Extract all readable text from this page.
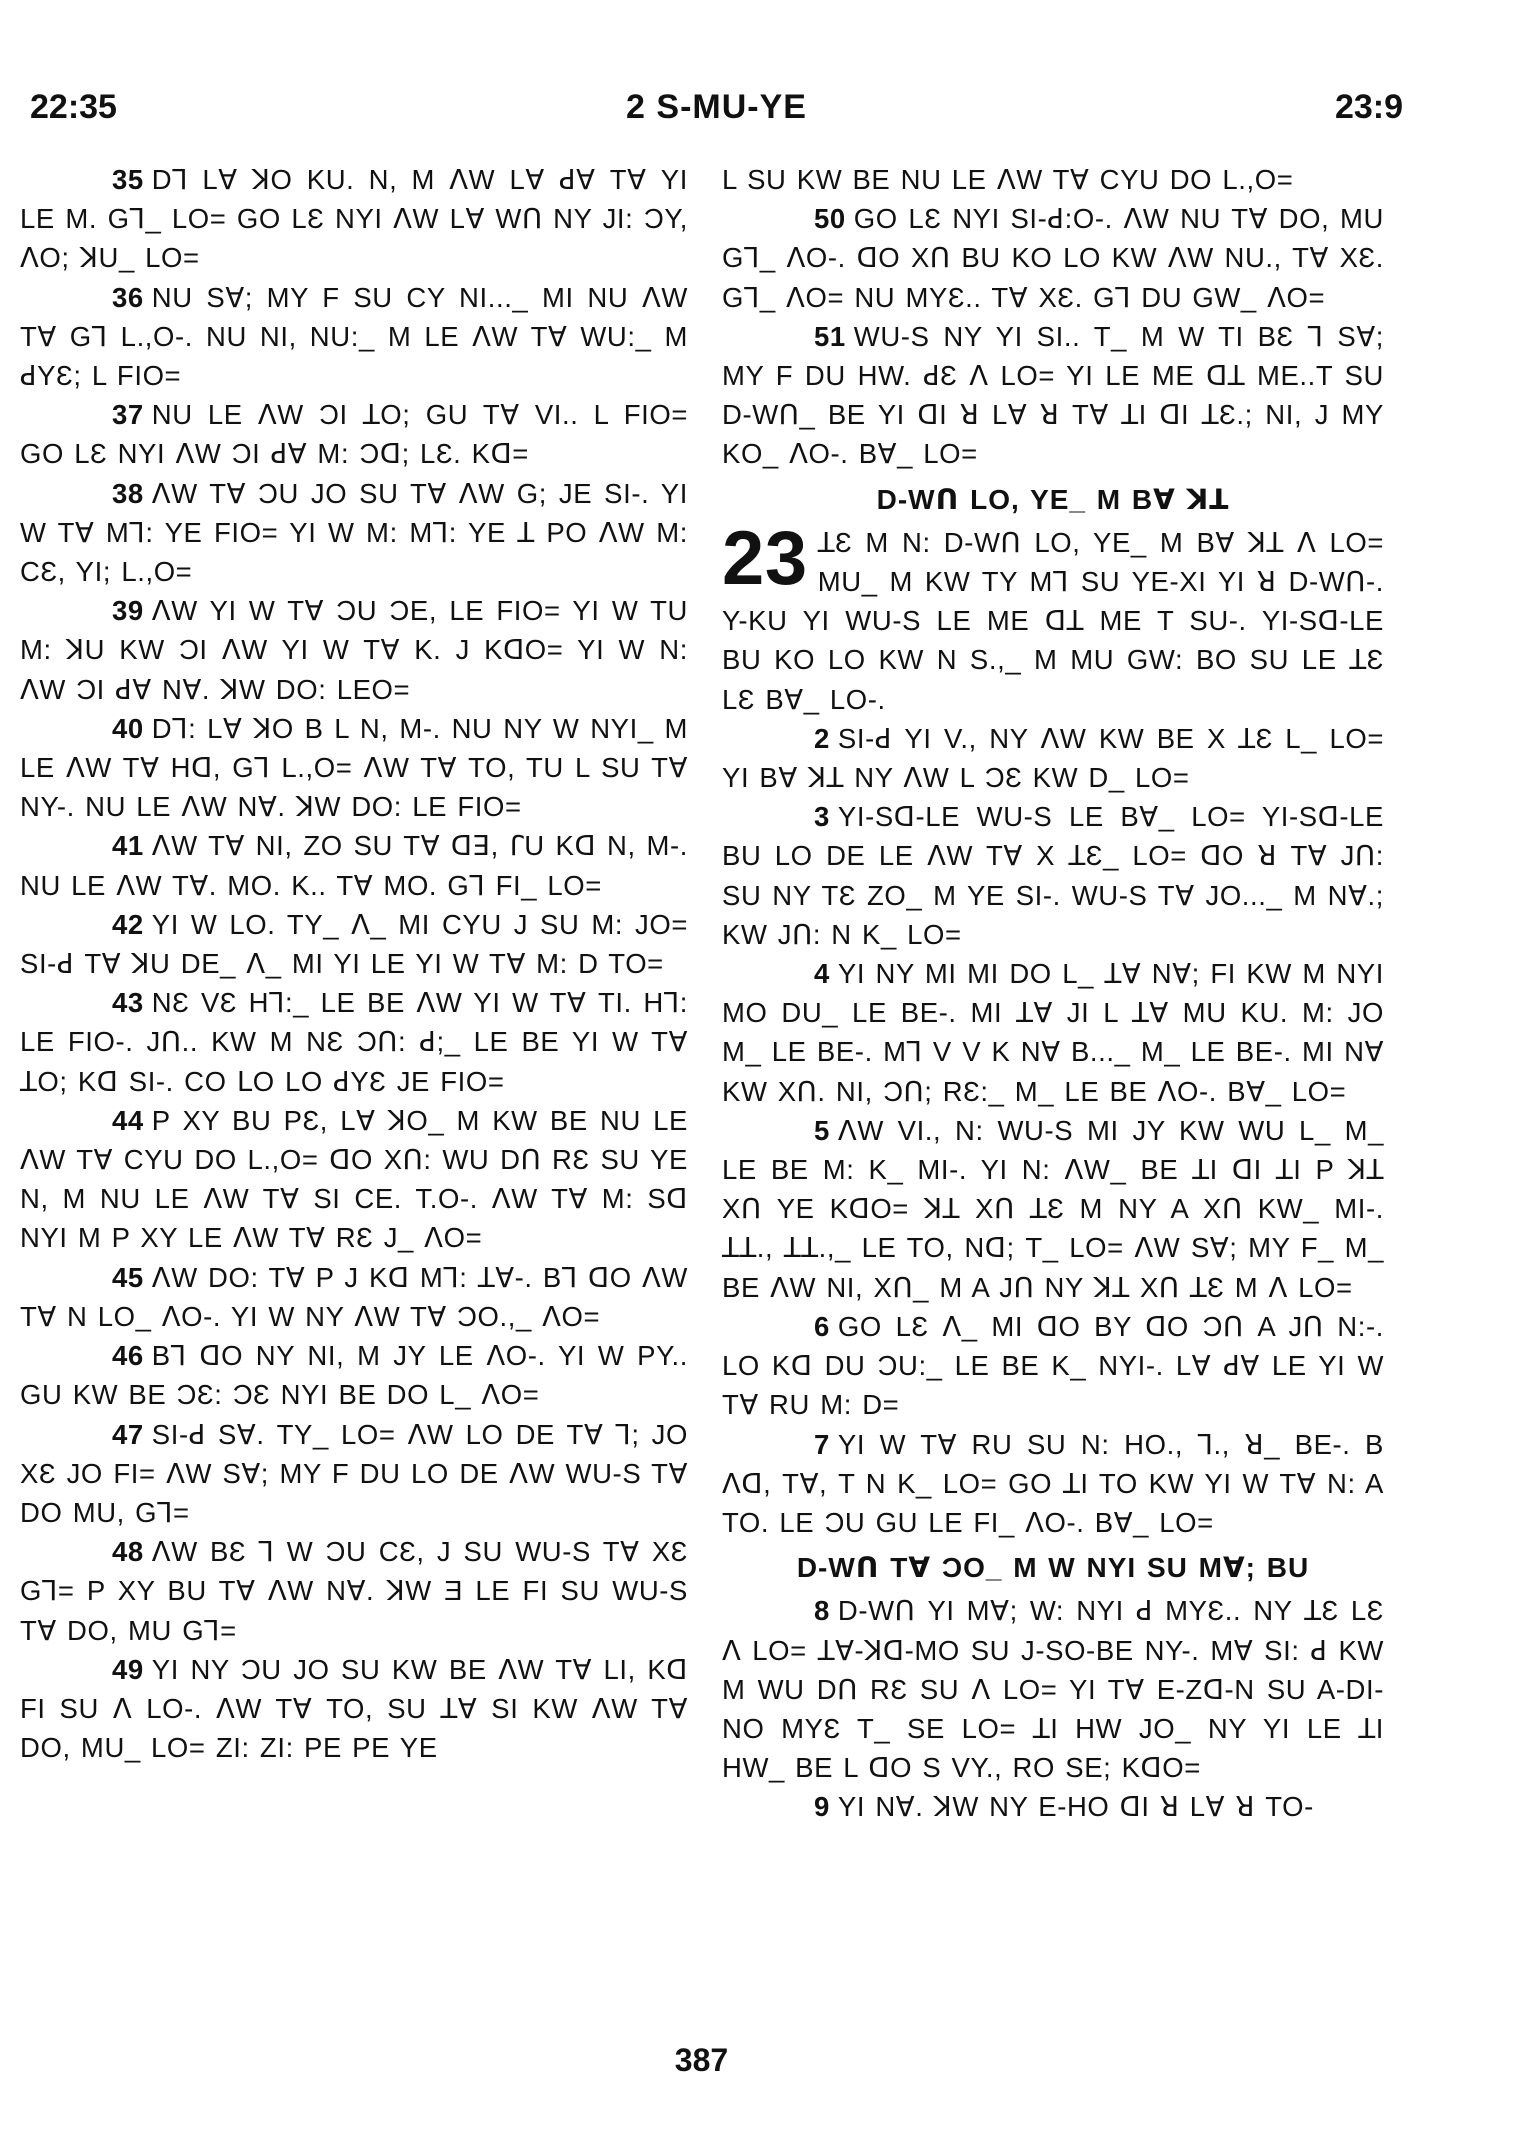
22:35	2 S-MU-YE	23:9

35 DꞀ Lꓯ ꓘO KU. N, M ꓥW Lꓯ ꓒꓯ Tꓯ YI LE M. GꞀ_ LO= GO LƐ NYI ꓥW Lꓯ Wꓵ NY JI: ƆY, ꓥO; ꓘU_ LO=

36 NU Sꓯ; MY F SU CY NI..._ MI NU ꓥW Tꓯ GꞀ L.,O-. NU NI, NU:_ M LE ꓥW Tꓯ WU:_ M ꓒYƐ; L FIO=

37 NU LE ꓥW ƆI ꓕO; GU Tꓯ VI.. L FIO= GO LƐ NYI ꓥW ƆI ꓒꓯ M: Ɔꓷ; LƐ. Kꓷ=

38 ꓥW Tꓯ ƆU JO SU Tꓯ ꓥW G; JE SI-. YI W Tꓯ MꞀ: YE FIO= YI W M: MꞀ: YE ꓕ PO ꓥW M: CƐ, YI; L.,O=

39 ꓥW YI W Tꓯ ƆU ƆE, LE FIO= YI W TU M: ꓘU KW ƆI ꓥW YI W Tꓯ K. J KꓷO= YI W N: ꓥW ƆI ꓒꓯ Nꓯ. ꓘW DO: LEO=

40 DꞀ: Lꓯ ꓘO B L N, M-. NU NY W NYI_ M LE ꓥW Tꓯ Hꓷ, GꞀ L.,O= ꓥW Tꓯ TO, TU L SU Tꓯ NY-. NU LE ꓥW Nꓯ. ꓘW DO: LE FIO=

41 ꓥW Tꓯ NI, ZO SU Tꓯ ꓷꓱ, ꓩU Kꓷ N, M-. NU LE ꓥW Tꓯ. MO. K.. Tꓯ MO. GꞀ FI_ LO=

42 YI W LO. TY_ ꓥ_ MI CYU J SU M: JO= SI-ꓒ Tꓯ ꓘU DE_ ꓥ_ MI YI LE YI W Tꓯ M: D TO=

43 NƐ VƐ HꞀ:_ LE BE ꓥW YI W Tꓯ TI. HꞀ: LE FIO-. Jꓵ.. KW M NƐ Ɔꓵ: ꓒ;_ LE BE YI W Tꓯ ꓕO; Kꓷ SI-. CO ꓡO LO ꓒYƐ JE FIO=

44 P XY BU PƐ, Lꓯ ꓘO_ M KW BE NU LE ꓥW Tꓯ CYU DO L.,O= ꓷO Xꓵ: WU Dꓵ RƐ SU YE N, M NU LE ꓥW Tꓯ SI CE. T.O-. ꓥW Tꓯ M: Sꓷ NYI M P XY LE ꓥW Tꓯ RƐ J_ ꓥO=

45 ꓥW DO: Tꓯ P J Kꓷ MꞀ: ꓕꓯ-. BꞀ ꓷO ꓥW Tꓯ N LO_ ꓥO-. YI W NY ꓥW Tꓯ ƆO.,_ ꓥO=

46 BꞀ ꓷO NY NI, M JY LE ꓥO-. YI W PY.. GU KW BE ƆƐ: ƆƐ NYI BE DO L_ ꓥO=

47 SI-ꓒ Sꓯ. TY_ LO= ꓥW LO DE Tꓯ Ꞁ; JO XƐ JO FI= ꓥW Sꓯ; MY F DU LO DE ꓥW WU-S Tꓯ DO MU, GꞀ=

48 ꓥW BƐ Ꞁ W ƆU CƐ, J SU WU-S Tꓯ XƐ GꞀ= P XY BU Tꓯ ꓥW Nꓯ. ꓘW Ǝ LE FI SU WU-S Tꓯ DO, MU GꞀ=

49 YI NY ƆU JO SU KW BE ꓥW Tꓯ LI, Kꓷ FI SU ꓥ LO-. ꓥW Tꓯ TO, SU ꓕꓯ SI KW ꓥW Tꓯ DO, MU_ LO= ZI: ZI: PE PE YE

L SU KW BE NU LE ꓥW Tꓯ CYU DO L.,O=

50 GO LƐ NYI SI-ꓒ:O-. ꓥW NU Tꓯ DO, MU GꞀ_ ꓥO-. ꓷO Xꓵ BU KO LO KW ꓥW NU., Tꓯ XƐ. GꞀ_ ꓥO= NU MYƐ.. Tꓯ XƐ. GꞀ DU GW_ ꓥO=

51 WU-S NY YI SI.. T_ M W TI BƐ Ꞁ Sꓯ; MY F DU HW. ꓒƐ ꓥ LO= YI LE ME ꓷꓕ ME..T SU D-Wꓵ_ BE YI ꓷI ꓤ Lꓯ ꓤ Tꓯ ꓕI ꓷI ꓕƐ.; NI, J MY KO_ ꓥO-. Bꓯ_ LO=

D-Wꓵ LO, YE_ M Bꓯ ꓘꓕ
23 ꓕƐ M N: D-Wꓵ LO, YE_ M Bꓯ ꓘꓕ ꓥ LO= MU_ M KW TY MꞀ SU YE-XI YI ꓤ D-Wꓵ-. Y-KU YI WU-S LE ME ꓷꓕ ME T SU-. YI-Sꓷ-LE BU KO LO KW N S.,_ M MU GW: BO SU LE ꓕƐ LƐ Bꓯ_ LO-.

2 SI-ꓒ YI V., NY ꓥW KW BE X ꓕƐ L_ LO= YI Bꓯ ꓘꓕ NY ꓥW L ƆƐ KW D_ LO=

3 YI-Sꓷ-LE WU-S LE Bꓯ_ LO= YI-Sꓷ-LE BU LO DE LE ꓥW Tꓯ X ꓕƐ_ LO= ꓷO ꓤ Tꓯ Jꓵ: SU NY TƐ ZO_ M YE SI-. WU-S Tꓯ JO..._ M Nꓯ.; KW Jꓵ: N K_ LO=

4 YI NY MI MI DO L_ ꓕꓯ Nꓯ; FI KW M NYI MO DU_ LE BE-. MI ꓕꓯ JI L ꓕꓯ MU KU. M: JO M_ LE BE-. MꞀ V V K Nꓯ B..._ M_ LE BE-. MI Nꓯ KW Xꓵ. NI, Ɔꓵ; RƐ:_ M_ LE BE ꓥO-. Bꓯ_ LO=

5 ꓥW VI., N: WU-S MI JY KW WU L_ M_ LE BE M: K_ MI-. YI N: ꓥW_ BE ꓕI ꓷI ꓕI P ꓘꓕ Xꓵ YE KꓷO= ꓘꓕ Xꓵ ꓕƐ M NY A Xꓵ KW_ MI-. ꓕꓕ., ꓕꓕ.,_ LE TO, Nꓷ; T_ LO= ꓥW Sꓯ; MY F_ M_ BE ꓥW NI, Xꓵ_ M A Jꓵ NY ꓘꓕ Xꓵ ꓕƐ M ꓥ LO=

6 GO LƐ ꓥ_ MI ꓷO BY ꓷO Ɔꓵ A Jꓵ N:-. LO Kꓷ DU ƆU:_ LE BE K_ NYI-. Lꓯ ꓒꓯ LE YI W Tꓯ RU M: D=

7 YI W Tꓯ RU SU N: HO., Ꞁ., ꓤ_ BE-. B ꓥꓷ, Tꓯ, T N K_ LO= GO ꓕI TO KW YI W Tꓯ N: A TO. LE ƆU GU LE FI_ ꓥO-. Bꓯ_ LO=

D-Wꓵ Tꓯ ƆO_ M W NYI SU Mꓯ; BU

8 D-Wꓵ YI Mꓯ; W: NYI ꓒ MYƐ.. NY ꓕƐ LƐ ꓥ LO= ꓕꓯ-ꓘꓷ-MO SU J-SO-BE NY-. Mꓯ SI: ꓒ KW M WU Dꓵ RƐ SU ꓥ LO= YI Tꓯ E-Zꓷ-N SU A-DI-NO MYƐ T_ SE LO= ꓕI HW JO_ NY YI LE ꓕI HW_ BE L ꓷO S VY., RO SE; KꓷO=

9 YI Nꓯ. ꓘW NY E-HO ꓷI ꓤ Lꓯ ꓤ TO-

387
